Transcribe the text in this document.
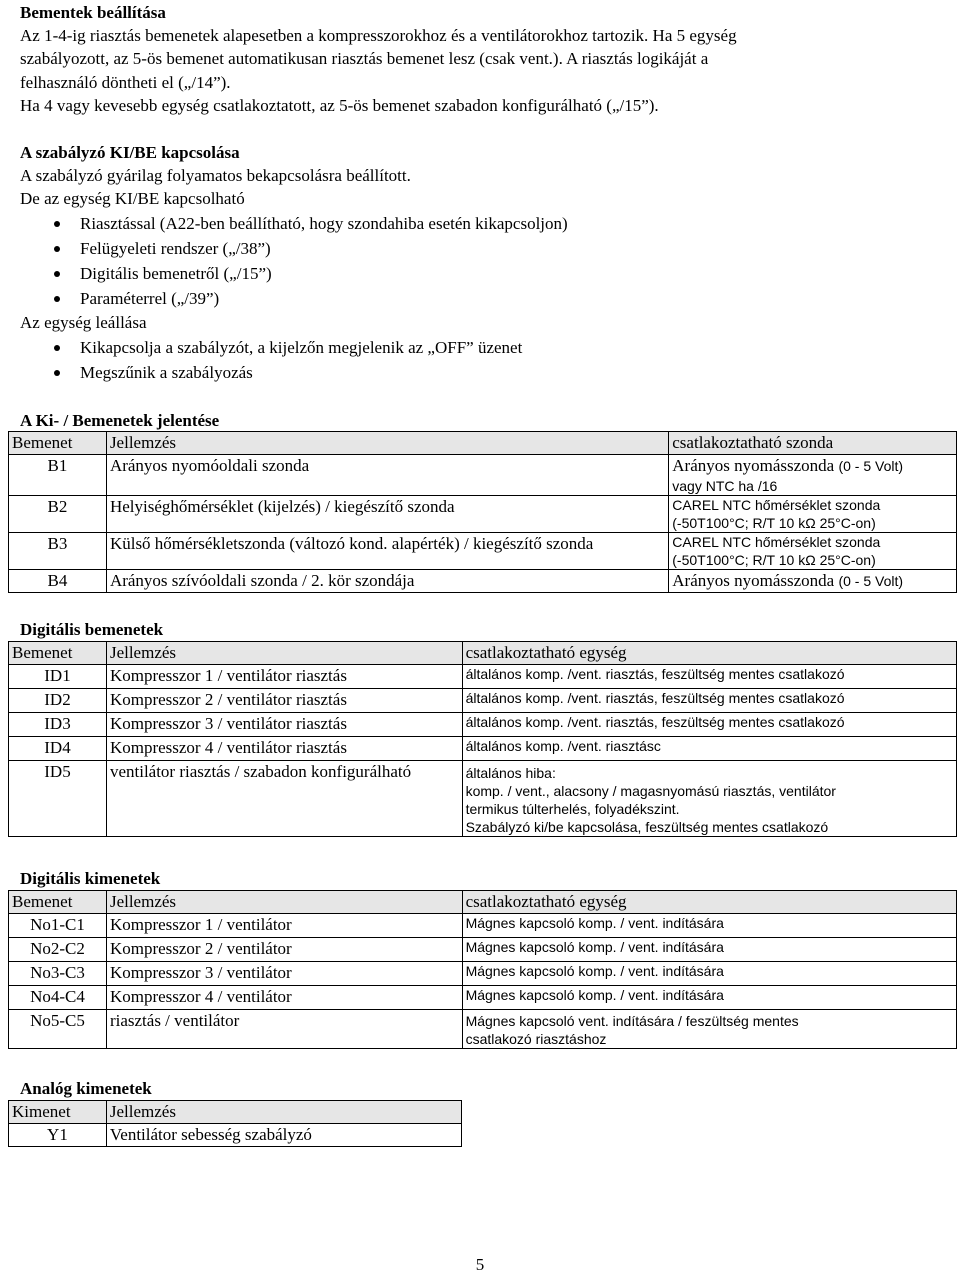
Bementek beállítása

Az 1-4-ig riasztás bemenetek alapesetben a kompresszorokhoz és a ventilátorokhoz tartozik. Ha 5 egység

szabályozott, az 5-ös bemenet automatikusan riasztás bemenet lesz (csak vent.). A riasztás logikáját a

felhasználó döntheti el („/14”).

Ha 4 vagy kevesebb egység csatlakoztatott, az 5-ös bemenet szabadon konfigurálható („/15”).

A szabályzó KI/BE kapcsolása

A szabályzó gyárilag folyamatos bekapcsolásra beállított.

De az egység KI/BE kapcsolható

Riasztással (A22-ben beállítható, hogy szondahiba esetén kikapcsoljon)
Felügyeleti rendszer („/38”)
Digitális bemenetről („/15”)
Paraméterrel („/39”)

Az egység leállása

Kikapcsolja a szabályzót, a kijelzőn megjelenik az „OFF” üzenet
Megszűnik a szabályozás

A Ki- / Bemenetek jelentése

Bemenet	Jellemzés	csatlakoztatható szonda
B1	Arányos nyomóoldali szonda	Arányos nyomásszonda (0 - 5 Volt)
vagy NTC ha /16

B2	Helyiséghőmérséklet (kijelzés) / kiegészítő szonda	CAREL NTC hőmérséklet szonda
(-50T100°C; R/T 10 kΩ 25°C-on)

B3	Külső hőmérsékletszonda (változó kond. alapérték) / kiegészítő szonda	CAREL NTC hőmérséklet szonda
(-50T100°C; R/T 10 kΩ 25°C-on)

B4	Arányos szívóoldali szonda / 2. kör szondája	Arányos nyomásszonda (0 - 5 Volt)

Digitális bemenetek

Bemenet	Jellemzés	csatlakoztatható egység
ID1	Kompresszor 1 / ventilátor riasztás	általános komp. /vent. riasztás, feszültség mentes csatlakozó

ID2	Kompresszor 2 / ventilátor riasztás	általános komp. /vent. riasztás, feszültség mentes csatlakozó

ID3	Kompresszor 3 / ventilátor riasztás	általános komp. /vent. riasztás, feszültség mentes csatlakozó

ID4	Kompresszor 4 / ventilátor riasztás	általános komp. /vent. riasztásc

ID5	ventilátor riasztás / szabadon konfigurálható	általános hiba:
komp. / vent., alacsony / magasnyomású riasztás, ventilátor
termikus túlterhelés, folyadékszint.
Szabályzó ki/be kapcsolása, feszültség mentes csatlakozó

Digitális kimenetek

Bemenet	Jellemzés	csatlakoztatható egység
No1-C1	Kompresszor 1 / ventilátor	Mágnes kapcsoló komp. / vent. indítására

No2-C2	Kompresszor 2 / ventilátor	Mágnes kapcsoló komp. / vent. indítására

No3-C3	Kompresszor 3 / ventilátor	Mágnes kapcsoló komp. / vent. indítására

No4-C4	Kompresszor 4 / ventilátor	Mágnes kapcsoló komp. / vent. indítására

No5-C5	riasztás / ventilátor	Mágnes kapcsoló vent. indítására / feszültség mentes
csatlakozó riasztáshoz

Analóg kimenetek

Kimenet	Jellemzés
Y1	Ventilátor sebesség szabályzó
5
